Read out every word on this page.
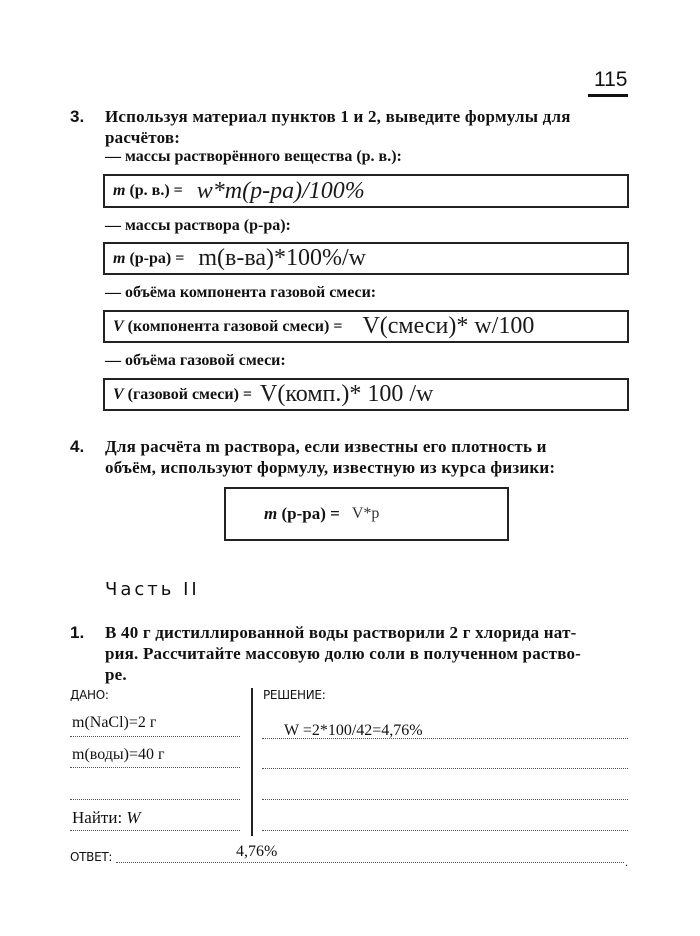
115
3. Используя материал пунктов 1 и 2, выведите формулы для
расчётов:
— массы растворённого вещества (р. в.):
m (р. в.) = w*m(р-ра)/100%
— массы раствора (р-ра):
m (р-ра) = m(в-ва)*100%/w
— объёма компонента газовой смеси:
V (компонента газовой смеси) = V(смеси)* w/100
— объёма газовой смеси:
V (газовой смеси) = V(комп.)* 100 /w
4. Для расчёта m раствора, если известны его плотность и
объём, используют формулу, известную из курса физики:
m (р-ра) = V*p
Часть II
1. В 40 г дистиллированной воды растворили 2 г хлорида нат-
рия. Рассчитайте массовую долю соли в полученном раство-
ре.
ДАНО:	РЕШЕНИЕ:
m(NaCl)=2 г
m(воды)=40 г
Найти: W
W =2*100/42=4,76%
ОТВЕТ:	4,76%
.
